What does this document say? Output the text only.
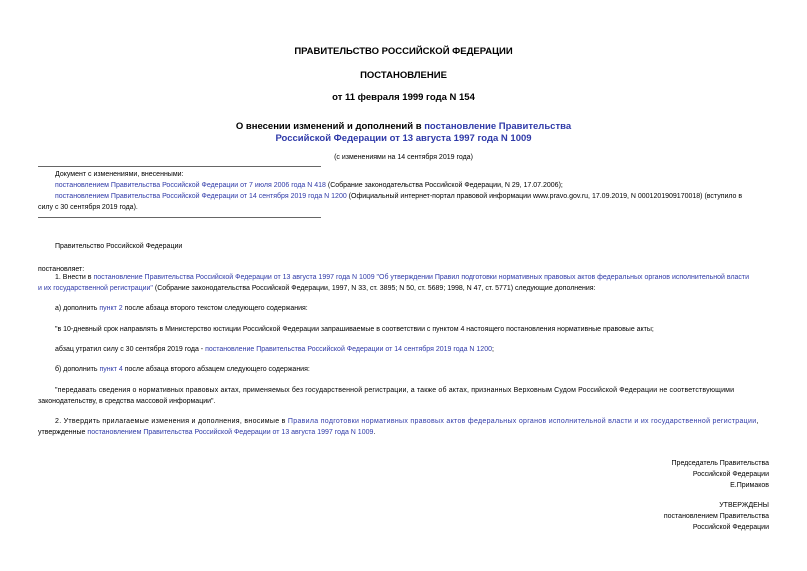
ПРАВИТЕЛЬСТВО РОССИЙСКОЙ ФЕДЕРАЦИИ
ПОСТАНОВЛЕНИЕ
от 11 февраля 1999 года N 154
О внесении изменений и дополнений в постановление Правительства
Российской Федерации от 13 августа 1997 года N 1009
(с изменениями на 14 сентября 2019 года)
Документ с изменениями, внесенными:
постановлением Правительства Российской Федерации от 7 июля 2006 года N 418 (Собрание законодательства Российской Федерации, N 29, 17.07.2006);
постановлением Правительства Российской Федерации от 14 сентября 2019 года N 1200 (Официальный интернет-портал правовой информации www.pravo.gov.ru, 17.09.2019, N 0001201909170018) (вступило в
силу с 30 сентября 2019 года).
Правительство Российской Федерации
постановляет:
1. Внести в постановление Правительства Российской Федерации от 13 августа 1997 года N 1009 "Об утверждении Правил подготовки нормативных правовых актов федеральных органов исполнительной власти
и их государственной регистрации" (Собрание законодательства Российской Федерации, 1997, N 33, ст. 3895; N 50, ст. 5689; 1998, N 47, ст. 5771) следующие дополнения:
а) дополнить пункт 2 после абзаца второго текстом следующего содержания:
"в 10-дневный срок направлять в Министерство юстиции Российской Федерации запрашиваемые в соответствии с пунктом 4 настоящего постановления нормативные правовые акты;
абзац утратил силу с 30 сентября 2019 года - постановление Правительства Российской Федерации от 14 сентября 2019 года N 1200;
б) дополнить пункт 4 после абзаца второго абзацем следующего содержания:
"передавать сведения о нормативных правовых актах, применяемых без государственной регистрации, а также об актах, признанных Верховным Судом Российской Федерации не соответствующими
законодательству, в средства массовой информации".
2. Утвердить прилагаемые изменения и дополнения, вносимые в Правила подготовки нормативных правовых актов федеральных органов исполнительной власти и их государственной регистрации,
утвержденные постановлением Правительства Российской Федерации от 13 августа 1997 года N 1009.
Председатель Правительства
Российской Федерации
Е.Примаков
УТВЕРЖДЕНЫ
постановлением Правительства
Российской Федерации
